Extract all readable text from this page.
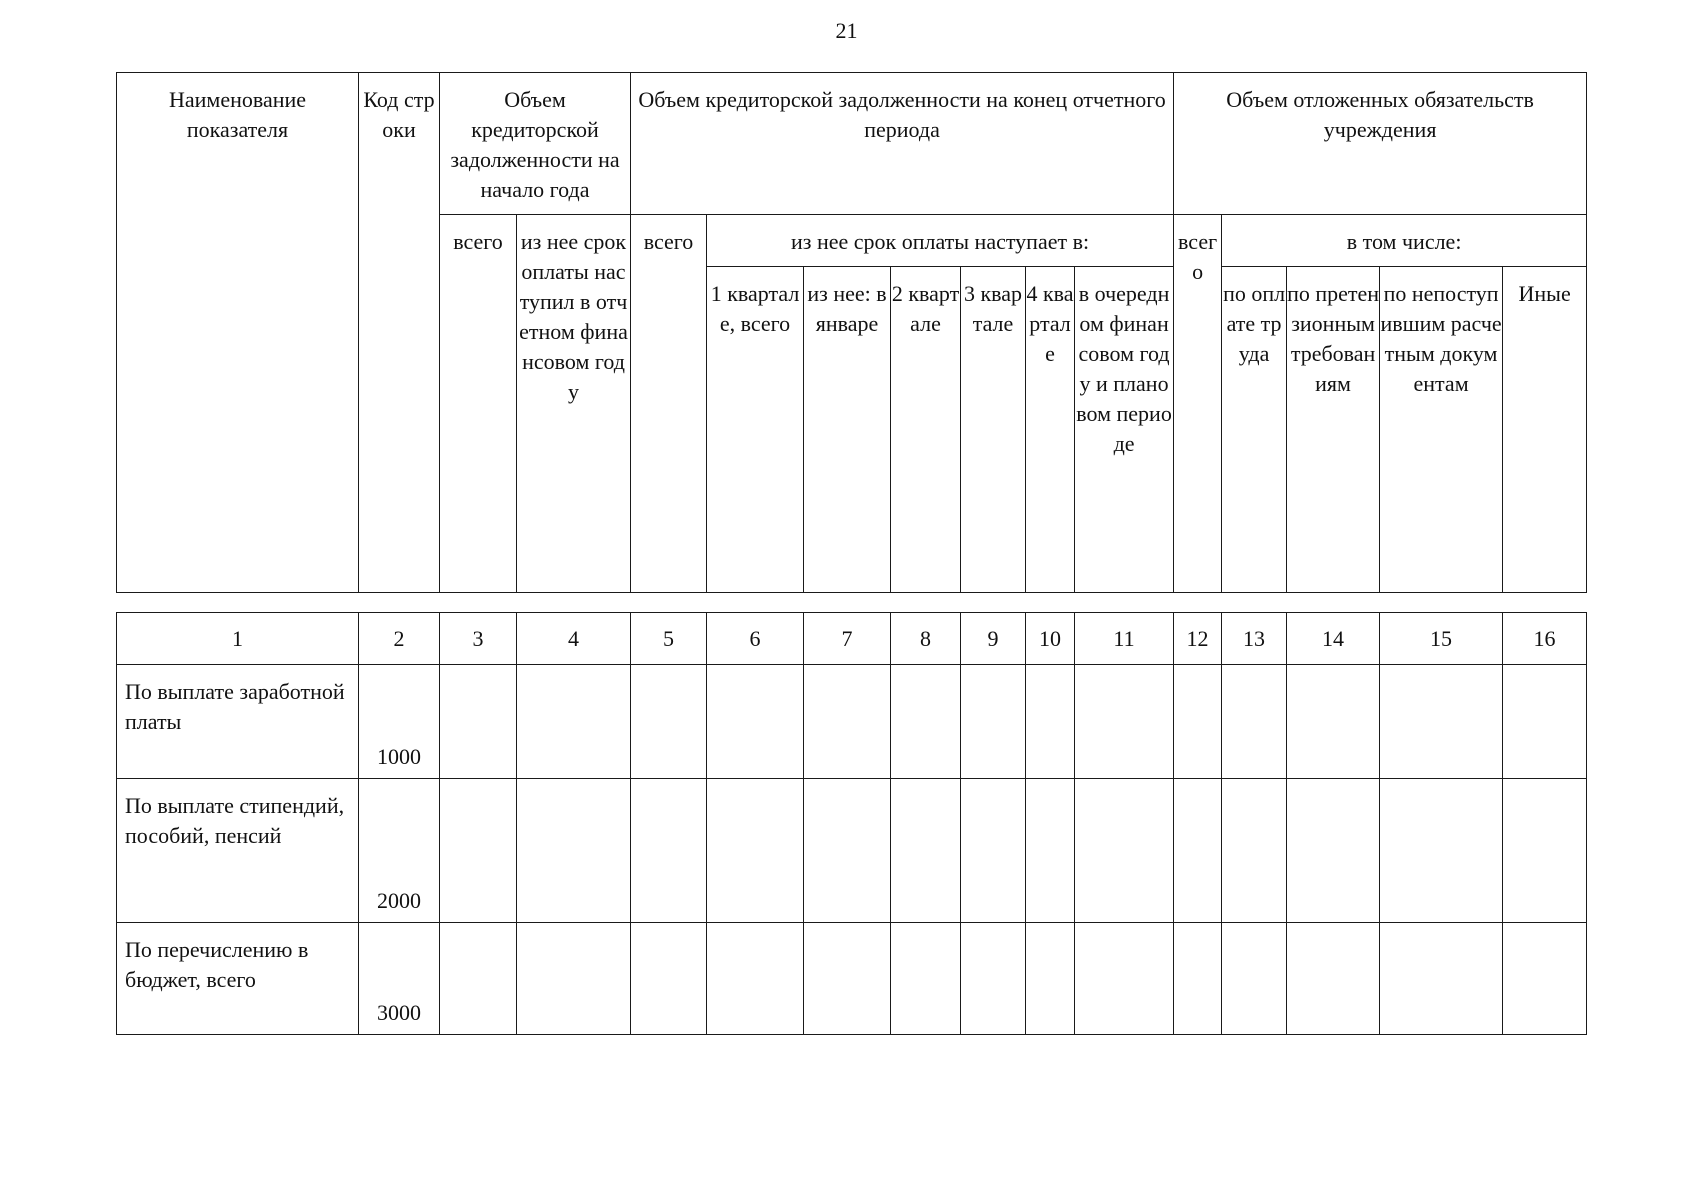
21
Наименование показателя	Код строки	Объем кредиторской задолженности на начало года		Объем кредиторской задолженности на конец отчетного периода							Объем отложенных обязательств учреждения				
		всего	из нее срок оплаты наступил в отчетном финансовом году	всего	из нее срок оплаты наступает в:						всего	в том числе:			
					1 квартале, всего	из нее: в январе	2 квартале	3 квартале	4 квартале	в очередном финансовом году и плановом периоде		по оплате труда	по претензионным требованиям	по непоступившим расчетным документам	Иные
1	2	3	4	5	6	7	8	9	10	11	12	13	14	15	16
По выплате заработной платы	1000														
По выплате стипендий, пособий, пенсий	2000														
По перечислению в бюджет, всего	3000														
